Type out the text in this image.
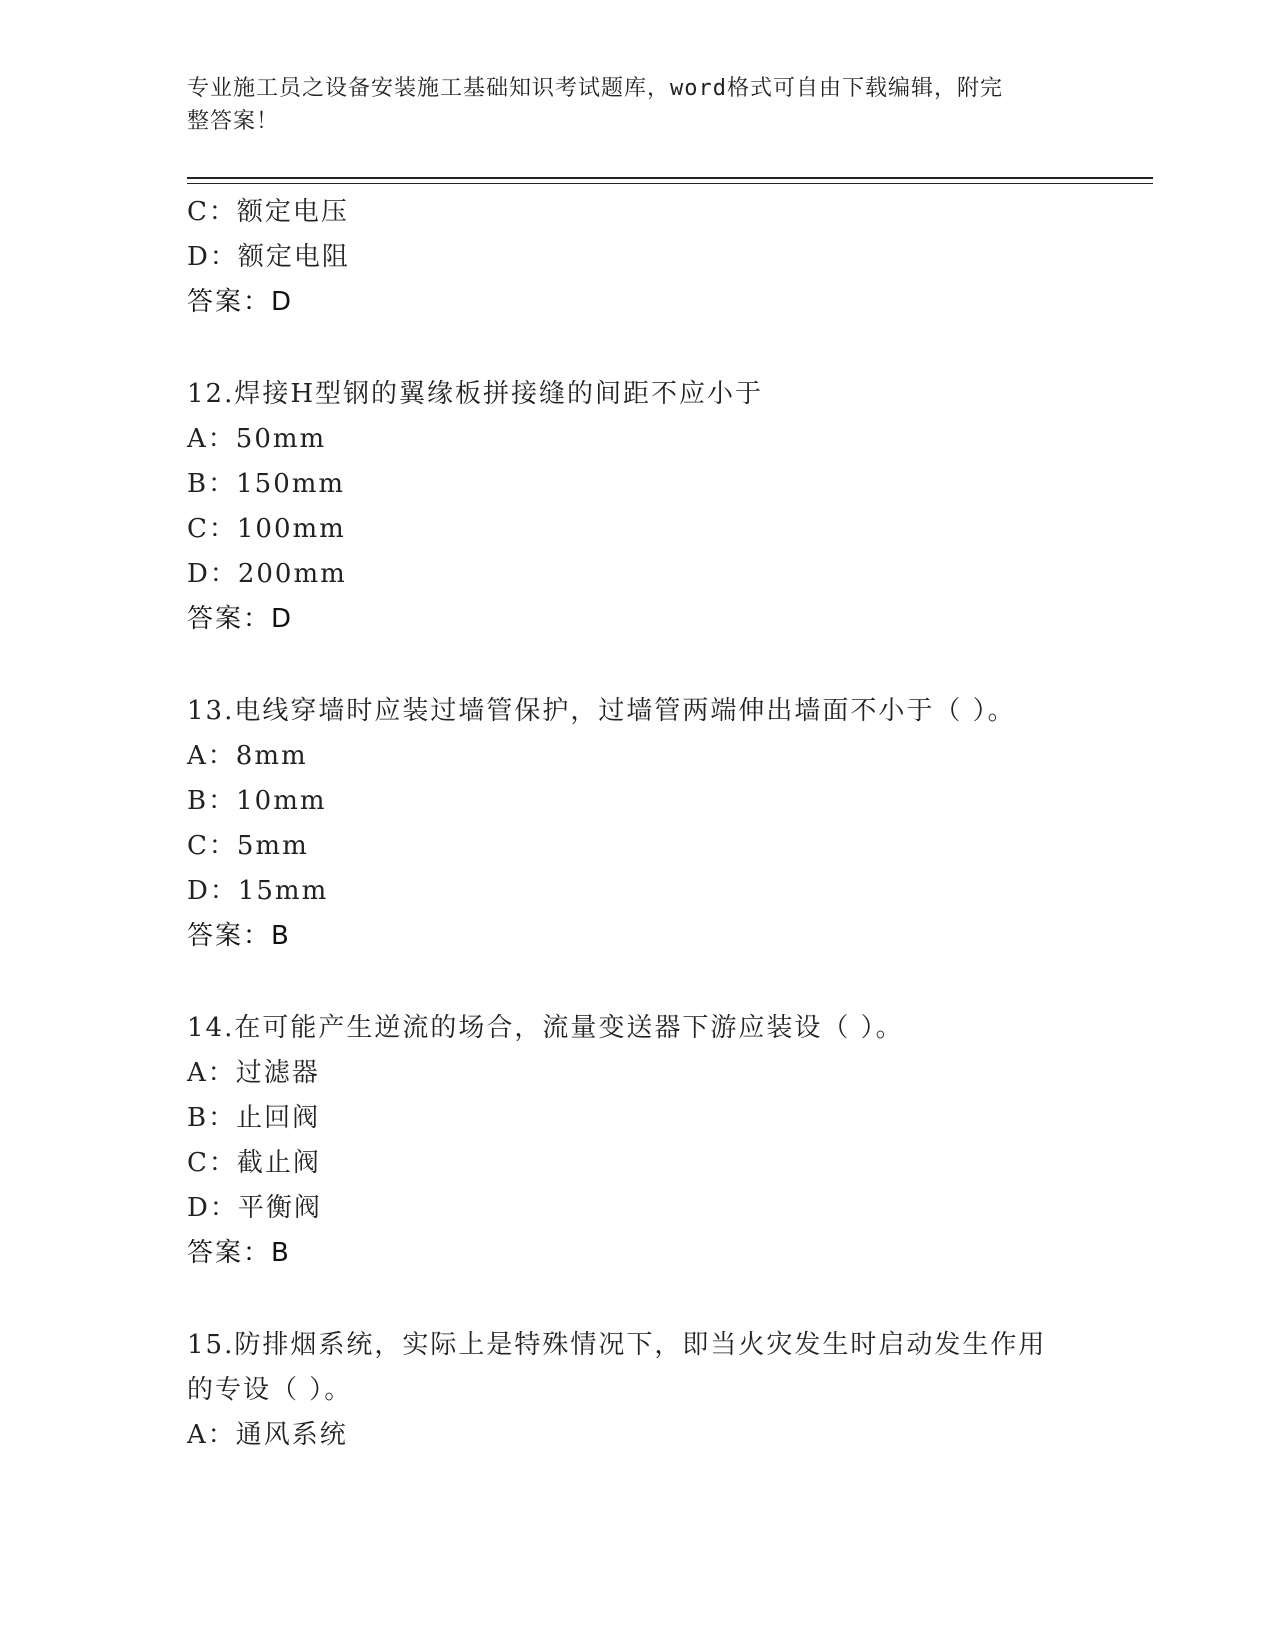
专业施工员之设备安装施工基础知识考试题库，word格式可自由下载编辑，附完
整答案！
C：额定电压
D：额定电阻
答案：D
12.焊接H型钢的翼缘板拼接缝的间距不应小于
A：50mm
B：150mm
C：100mm
D：200mm
答案：D
13.电线穿墙时应装过墙管保护，过墙管两端伸出墙面不小于（ ）。
A：8mm
B：10mm
C：5mm
D：15mm
答案：B
14.在可能产生逆流的场合，流量变送器下游应装设（ ）。
A：过滤器
B：止回阀
C：截止阀
D：平衡阀
答案：B
15.防排烟系统，实际上是特殊情况下，即当火灾发生时启动发生作用的专设（ ）。
A：通风系统
